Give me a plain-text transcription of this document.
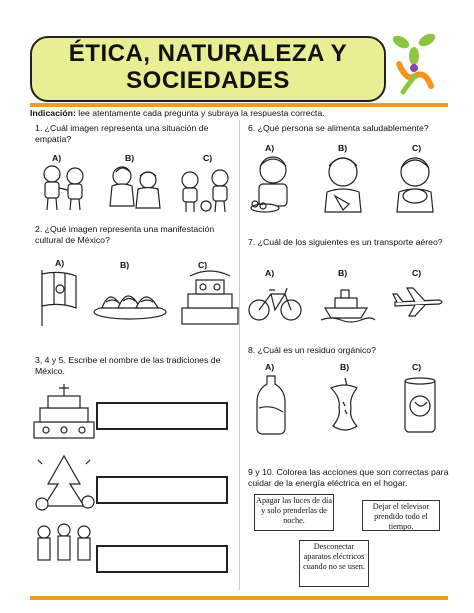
ÉTICA, NATURALEZA Y
SOCIEDADES
Indicación: lee atentamente cada pregunta y subraya la respuesta correcta.
1. ¿Cuál imagen representa una situación de empatía?
A)	B)	C)
2. ¿Qué imagen representa una manifestación cultural de México?
A)	B)	C)
3, 4 y 5. Escribe el nombre de las tradiciones de México.
6. ¿Qué persona se alimenta saludablemente?
A)	B)	C)
7. ¿Cuál de los siguientes es un transporte aéreo?
A)	B)	C)
8. ¿Cuál es un residuo orgánico?
A)	B)	C)
9 y 10. Colorea las acciones que son correctas para cuidar de la energía eléctrica en el hogar.
Apagar las luces de día y solo prenderlas de noche.
Dejar el televisor prendido todo el tiempo.
Desconectar aparatos eléctricos cuando no se usen.
